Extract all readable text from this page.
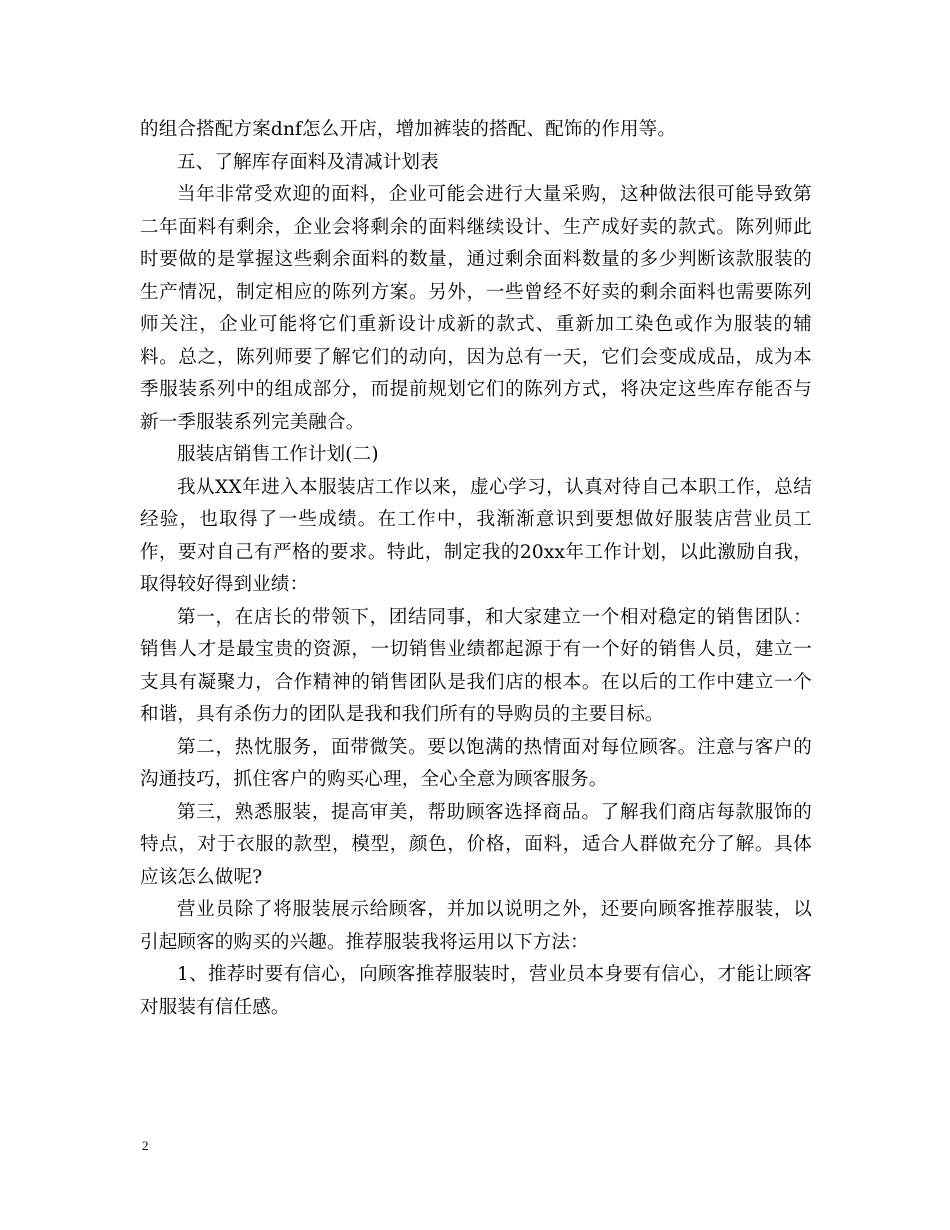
的组合搭配方案dnf怎么开店，增加裤装的搭配、配饰的作用等。

五、了解库存面料及清减计划表

当年非常受欢迎的面料，企业可能会进行大量采购，这种做法很可能导致第二年面料有剩余，企业会将剩余的面料继续设计、生产成好卖的款式。陈列师此时要做的是掌握这些剩余面料的数量，通过剩余面料数量的多少判断该款服装的生产情况，制定相应的陈列方案。另外，一些曾经不好卖的剩余面料也需要陈列师关注，企业可能将它们重新设计成新的款式、重新加工染色或作为服装的辅料。总之，陈列师要了解它们的动向，因为总有一天，它们会变成成品，成为本季服装系列中的组成部分，而提前规划它们的陈列方式，将决定这些库存能否与新一季服装系列完美融合。

服装店销售工作计划(二)

我从XX年进入本服装店工作以来，虚心学习，认真对待自己本职工作，总结经验，也取得了一些成绩。在工作中，我渐渐意识到要想做好服装店营业员工作，要对自己有严格的要求。特此，制定我的20xx年工作计划，以此激励自我，取得较好得到业绩：

第一，在店长的带领下，团结同事，和大家建立一个相对稳定的销售团队：销售人才是最宝贵的资源，一切销售业绩都起源于有一个好的销售人员，建立一支具有凝聚力，合作精神的销售团队是我们店的根本。在以后的工作中建立一个和谐，具有杀伤力的团队是我和我们所有的导购员的主要目标。

第二，热忱服务，面带微笑。要以饱满的热情面对每位顾客。注意与客户的沟通技巧，抓住客户的购买心理，全心全意为顾客服务。

第三，熟悉服装，提高审美，帮助顾客选择商品。了解我们商店每款服饰的特点，对于衣服的款型，模型，颜色，价格，面料，适合人群做充分了解。具体应该怎么做呢?

营业员除了将服装展示给顾客，并加以说明之外，还要向顾客推荐服装，以引起顾客的购买的兴趣。推荐服装我将运用以下方法：

1、推荐时要有信心，向顾客推荐服装时，营业员本身要有信心，才能让顾客对服装有信任感。

2
